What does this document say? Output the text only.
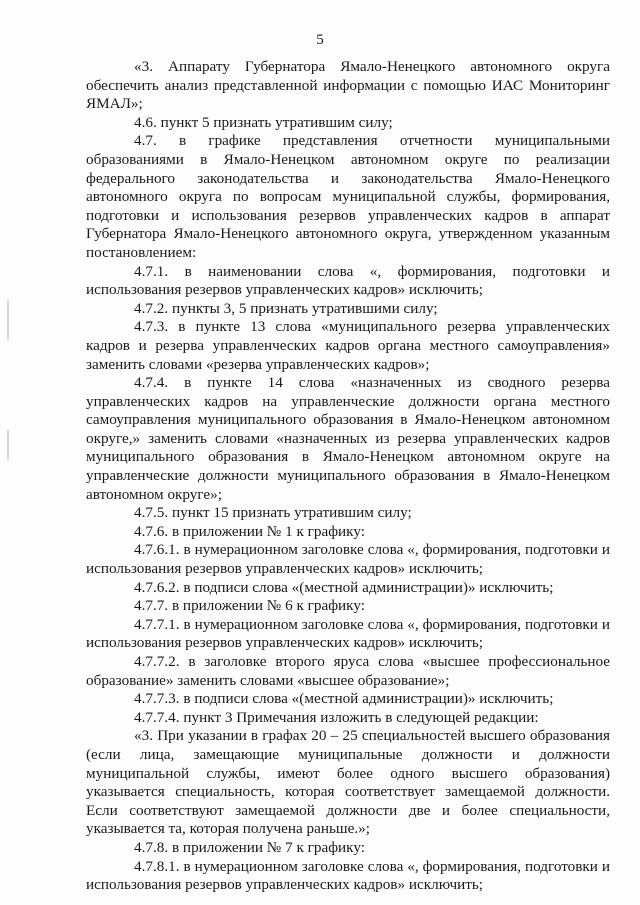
5

«3. Аппарату Губернатора Ямало-Ненецкого автономного округа обеспечить анализ представленной информации с помощью ИАС Мониторинг ЯМАЛ»;

4.6. пункт 5 признать утратившим силу;

4.7. в графике представления отчетности муниципальными образованиями в Ямало-Ненецком автономном округе по реализации федерального законодательства и законодательства Ямало-Ненецкого автономного округа по вопросам муниципальной службы, формирования, подготовки и использования резервов управленческих кадров в аппарат Губернатора Ямало-Ненецкого автономного округа, утвержденном указанным постановлением:

4.7.1. в наименовании слова «, формирования, подготовки и использования резервов управленческих кадров» исключить;

4.7.2. пункты 3, 5 признать утратившими силу;

4.7.3. в пункте 13 слова «муниципального резерва управленческих кадров и резерва управленческих кадров органа местного самоуправления» заменить словами «резерва управленческих кадров»;

4.7.4. в пункте 14 слова «назначенных из сводного резерва управленческих кадров на управленческие должности органа местного самоуправления муниципального образования в Ямало-Ненецком автономном округе,» заменить словами «назначенных из резерва управленческих кадров муниципального образования в Ямало-Ненецком автономном округе на управленческие должности муниципального образования в Ямало-Ненецком автономном округе»;

4.7.5. пункт 15 признать утратившим силу;

4.7.6. в приложении № 1 к графику:

4.7.6.1. в нумерационном заголовке слова «, формирования, подготовки и использования резервов управленческих кадров» исключить;

4.7.6.2. в подписи слова «(местной администрации)» исключить;

4.7.7. в приложении № 6 к графику:

4.7.7.1. в нумерационном заголовке слова «, формирования, подготовки и использования резервов управленческих кадров» исключить;

4.7.7.2. в заголовке второго яруса слова «высшее профессиональное образование» заменить словами «высшее образование»;

4.7.7.3. в подписи слова «(местной администрации)» исключить;

4.7.7.4. пункт 3 Примечания изложить в следующей редакции:

«3. При указании в графах 20 – 25 специальностей высшего образования (если лица, замещающие муниципальные должности и должности муниципальной службы, имеют более одного высшего образования) указывается специальность, которая соответствует замещаемой должности. Если соответствуют замещаемой должности две и более специальности, указывается та, которая получена раньше.»;

4.7.8. в приложении № 7 к графику:

4.7.8.1. в нумерационном заголовке слова «, формирования, подготовки и использования резервов управленческих кадров» исключить;
